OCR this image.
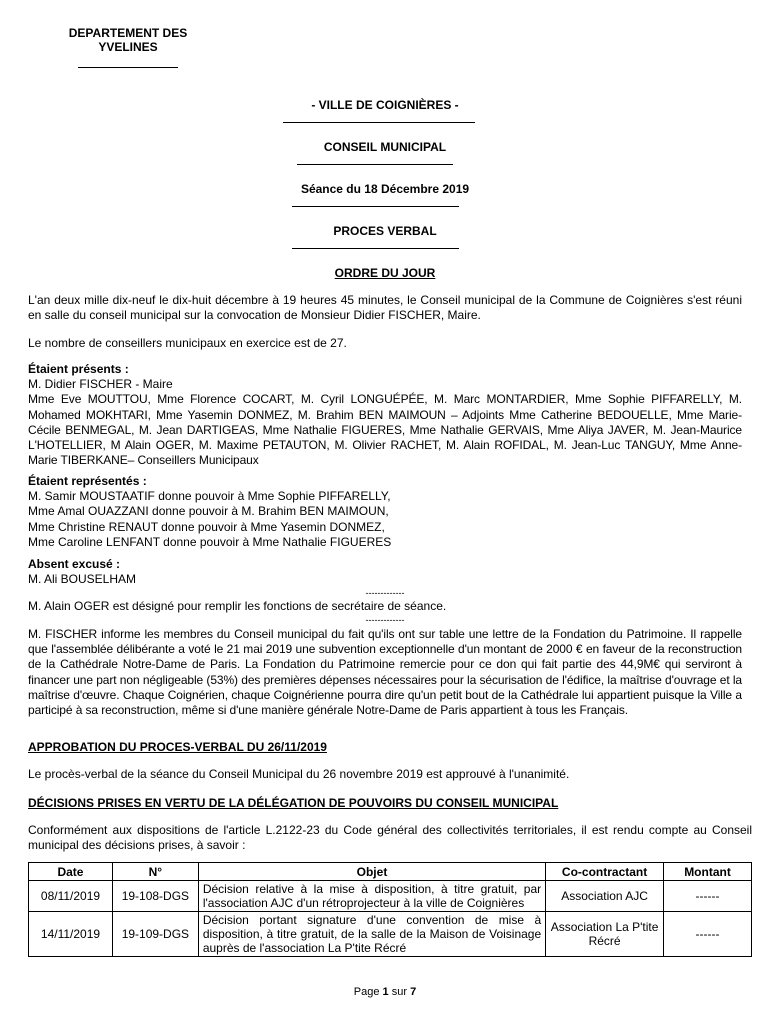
DEPARTEMENT DES
YVELINES
- VILLE DE COIGNIÈRES -
CONSEIL MUNICIPAL
Séance du 18 Décembre 2019
PROCES VERBAL
ORDRE DU JOUR
L'an deux mille dix-neuf le dix-huit décembre à 19 heures 45 minutes, le Conseil municipal de la Commune de Coignières s'est réuni en salle du conseil municipal sur la convocation de Monsieur Didier FISCHER, Maire.
Le nombre de conseillers municipaux en exercice est de 27.

Étaient présents :

M. Didier FISCHER - Maire

Mme Eve MOUTTOU, Mme Florence COCART, M. Cyril LONGUÉPÉE, M. Marc MONTARDIER, Mme Sophie PIFFARELLY, M. Mohamed MOKHTARI, Mme Yasemin DONMEZ, M. Brahim BEN MAIMOUN – Adjoints Mme Catherine BEDOUELLE, Mme Marie-Cécile BENMEGAL, M. Jean DARTIGEAS, Mme Nathalie FIGUERES, Mme Nathalie GERVAIS, Mme Aliya JAVER, M. Jean-Maurice L'HOTELLIER, M Alain OGER, M. Maxime PETAUTON, M. Olivier RACHET, M. Alain ROFIDAL, M. Jean-Luc TANGUY, Mme Anne-Marie TIBERKANE– Conseillers Municipaux

Étaient représentés :

M. Samir MOUSTAATIF donne pouvoir à Mme Sophie PIFFARELLY,

Mme Amal OUAZZANI donne pouvoir à M. Brahim BEN MAIMOUN,

Mme Christine RENAUT donne pouvoir à Mme Yasemin DONMEZ,

Mme Caroline LENFANT donne pouvoir à Mme Nathalie FIGUERES

Absent excusé :

M. Ali BOUSELHAM

-------------
M. Alain OGER est désigné pour remplir les fonctions de secrétaire de séance.
-------------
M. FISCHER informe les membres du Conseil municipal du fait qu'ils ont sur table une lettre de la Fondation du Patrimoine. Il rappelle que l'assemblée délibérante a voté le 21 mai 2019 une subvention exceptionnelle d'un montant de 2000 € en faveur de la reconstruction de la Cathédrale Notre-Dame de Paris. La Fondation du Patrimoine remercie pour ce don qui fait partie des 44,9M€ qui serviront à financer une part non négligeable (53%) des premières dépenses nécessaires pour la sécurisation de l'édifice, la maîtrise d'ouvrage et la maîtrise d'œuvre. Chaque Coignérien, chaque Coignérienne pourra dire qu'un petit bout de la Cathédrale lui appartient puisque la Ville a participé à sa reconstruction, même si d'une manière générale Notre-Dame de Paris appartient à tous les Français.
APPROBATION DU PROCES-VERBAL DU 26/11/2019
Le procès-verbal de la séance du Conseil Municipal du 26 novembre 2019 est approuvé à l'unanimité.
DÉCISIONS PRISES EN VERTU DE LA DÉLÉGATION DE POUVOIRS DU CONSEIL MUNICIPAL
Conformément aux dispositions de l'article L.2122-23 du Code général des collectivités territoriales, il est rendu compte au Conseil municipal des décisions prises, à savoir :
Date	N°	Objet	Co-contractant	Montant
08/11/2019	19-108-DGS	Décision relative à la mise à disposition, à titre gratuit, par l'association AJC d'un rétroprojecteur à la ville de Coignières	Association AJC	------
14/11/2019	19-109-DGS	Décision portant signature d'une convention de mise à disposition, à titre gratuit, de la salle de la Maison de Voisinage auprès de l'association La P'tite Récré	Association La P'tite Récré	------
Page 1 sur 7
